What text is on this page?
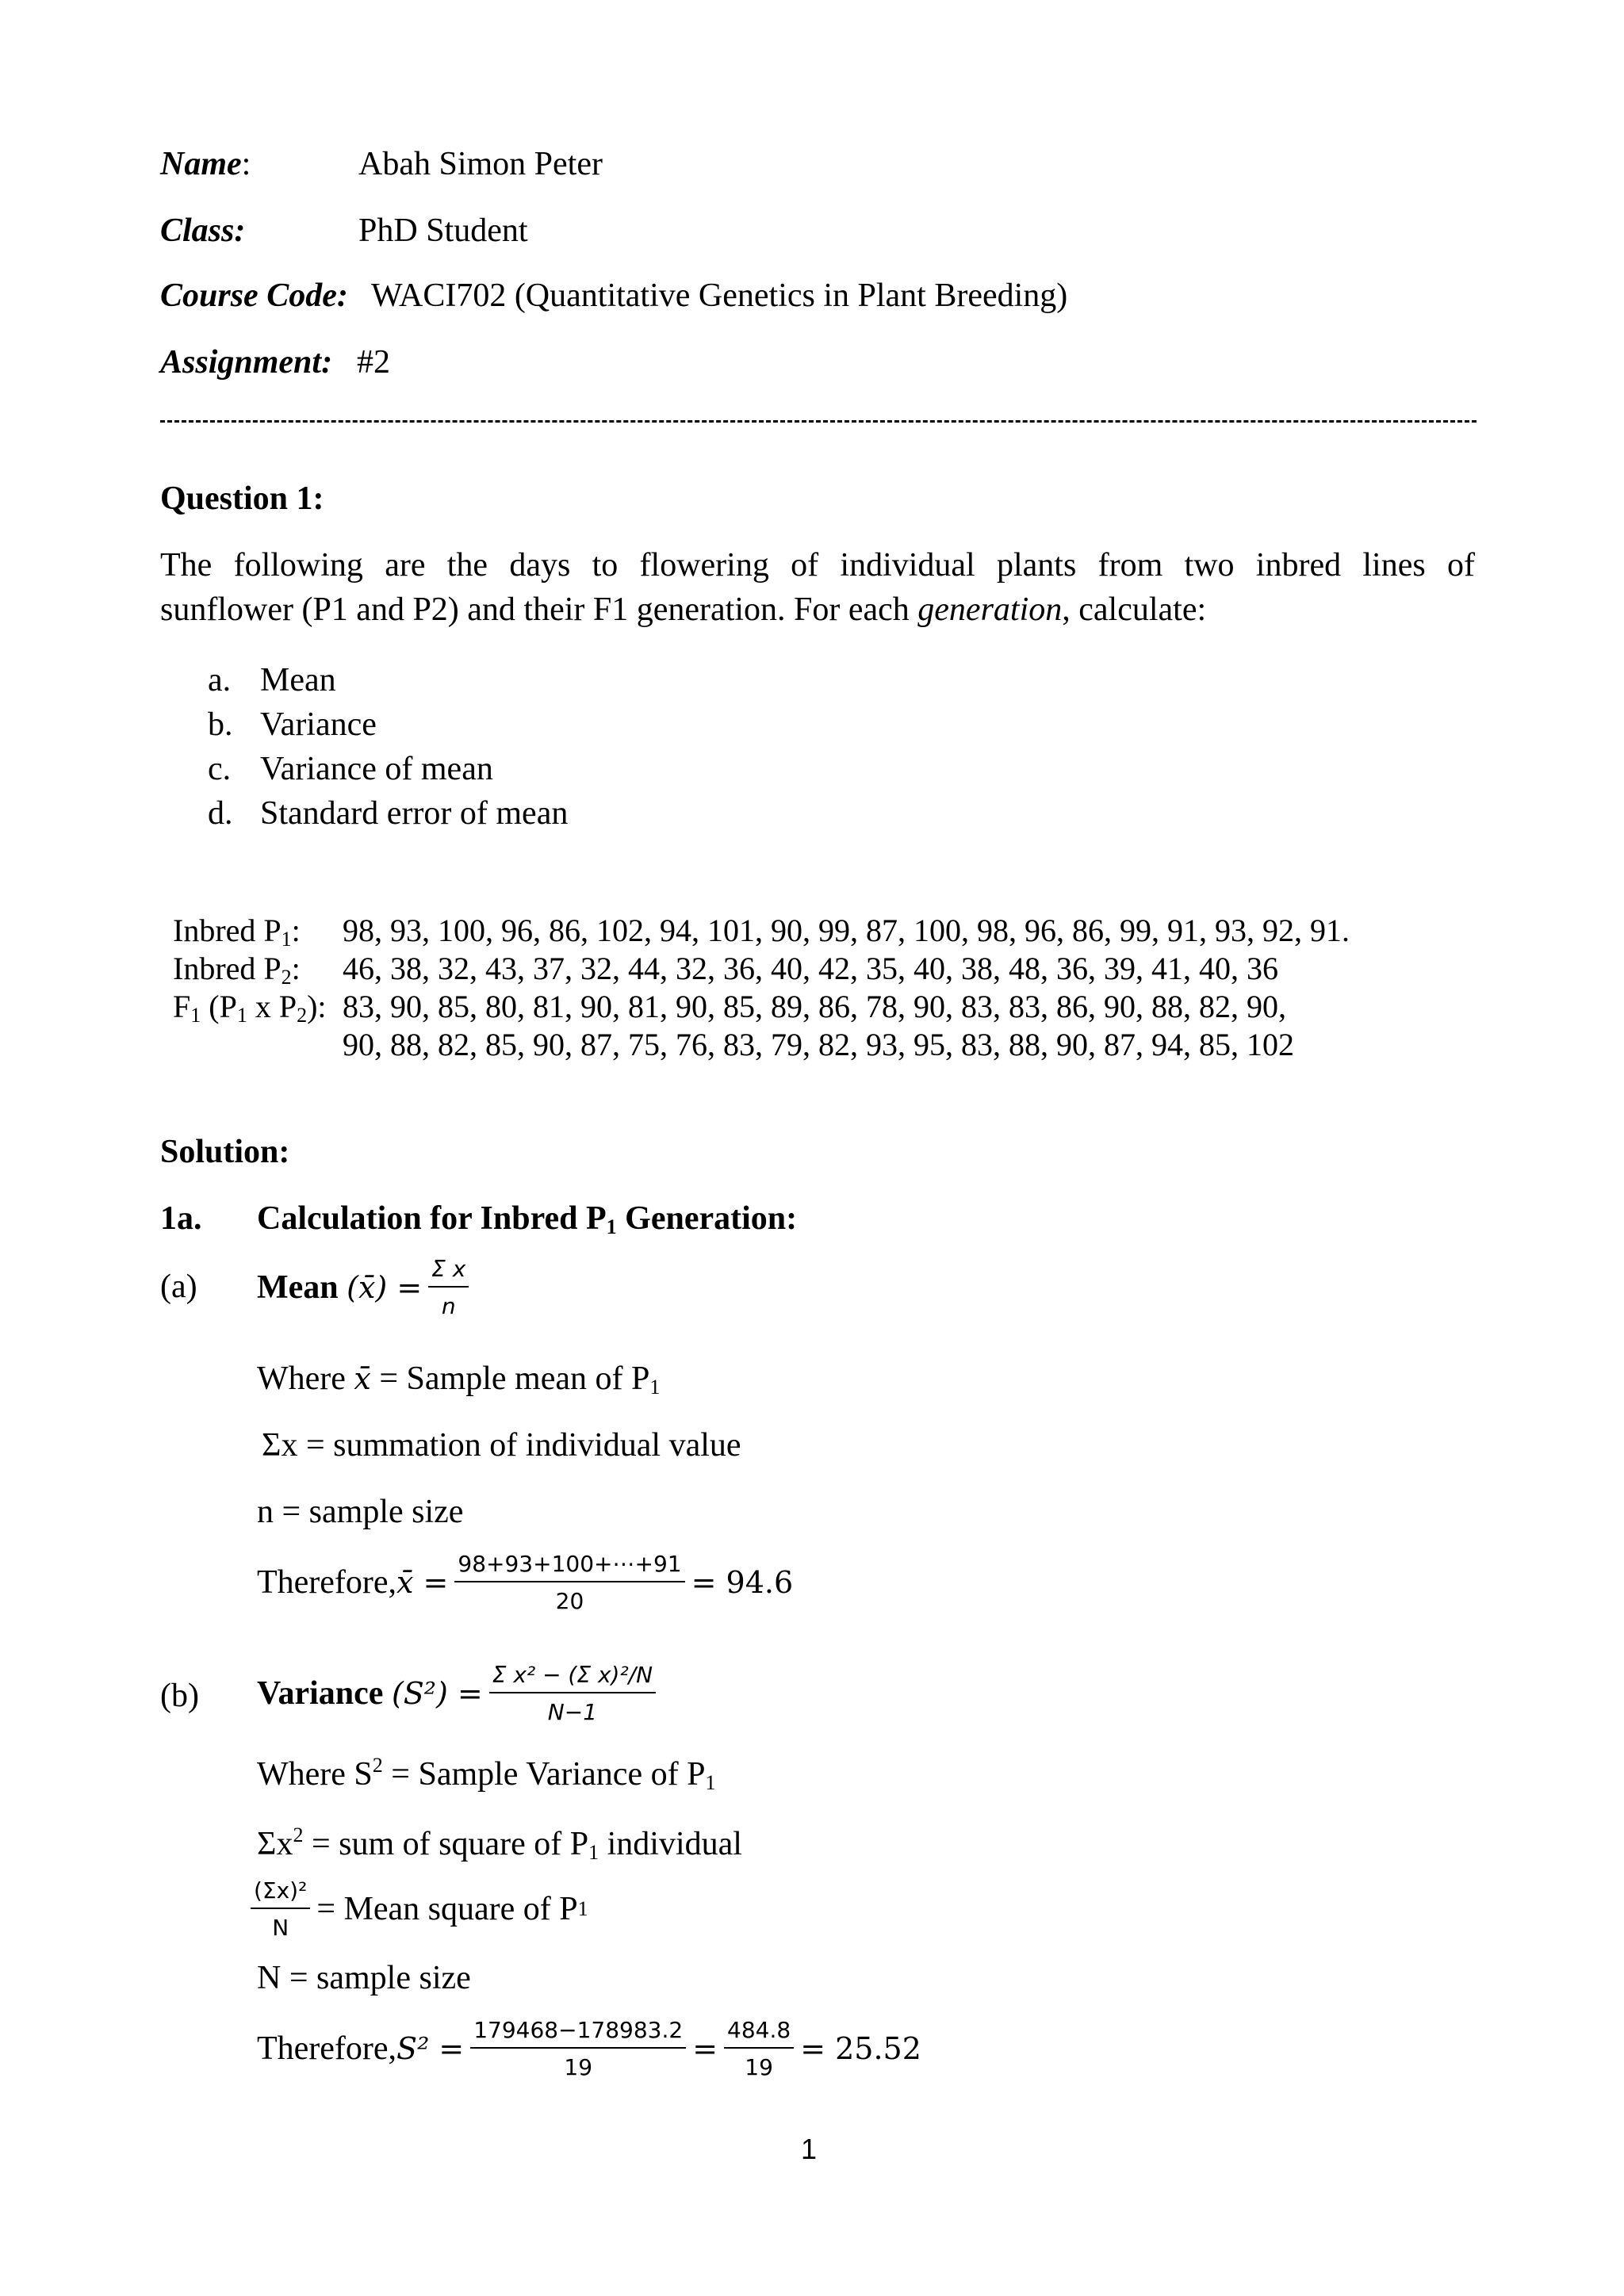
Name:	Abah Simon Peter
Class:	PhD Student
Course Code: WACI702 (Quantitative Genetics in Plant Breeding)
Assignment: #2
Question 1:
The following are the days to flowering of individual plants from two inbred lines of
sunflower (P1 and P2) and their F1 generation. For each generation, calculate:
a. Mean
b. Variance
c. Variance of mean
d. Standard error of mean
Inbred $P_1$: 98, 93, 100, 96, 86, 102, 94, 101, 90, 99, 87, 100, 98, 96, 86, 99, 91, 93, 92, 91.
Inbred $P_2$: 46, 38, 32, 43, 37, 32, 44, 32, 36, 40, 42, 35, 40, 38, 48, 36, 39, 41, 40, 36
$F_1$ ($P_1$ x $P_2$): 83, 90, 85, 80, 81, 90, 81, 90, 85, 89, 86, 78, 90, 83, 83, 86, 90, 88, 82, 90,
90, 88, 82, 85, 90, 87, 75, 76, 83, 79, 82, 93, 95, 83, 88, 90, 87, 94, 85, 102
Solution:
1a. Calculation for Inbred $P_1$ Generation:
(a) Mean
(x̄) = $\frac{\text{Σ x}}{n}$
Where x̄ = Sample mean of $P_1$
Σx = summation of individual value
n = sample size
Therefore, x̄ = $\frac{98+93+100+\cdots+91}{20} = 94.6$
(b) Variance
$(S^2) = \frac{\text{Σ x² − (Σ x)²/N}}{N-1}$
Where $S^2$ = Sample Variance of $P_1$
$\Sigma x^2$ = sum of square of $P_1$ individual
$\frac{\text{(Σx)²}}{N}$ = Mean square of P 1
N = sample size
Therefore, $S^2 = \frac{179468-178983.2}{19} = \frac{484.8}{19} = 25.52$
1
